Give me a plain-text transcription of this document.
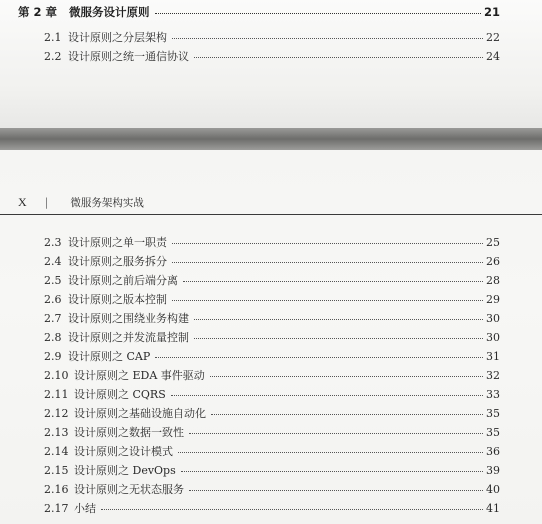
第 2 章 微服务设计原则	21
2.1 设计原则之分层架构	22
2.2 设计原则之统一通信协议	24
X | 微服务架构实战
2.3 设计原则之单一职责	25
2.4 设计原则之服务拆分	26
2.5 设计原则之前后端分离	28
2.6 设计原则之版本控制	29
2.7 设计原则之围绕业务构建	30
2.8 设计原则之并发流量控制	30
2.9 设计原则之 CAP	31
2.10 设计原则之 EDA 事件驱动	32
2.11 设计原则之 CQRS	33
2.12 设计原则之基础设施自动化	35
2.13 设计原则之数据一致性	35
2.14 设计原则之设计模式	36
2.15 设计原则之 DevOps	39
2.16 设计原则之无状态服务	40
2.17 小结	41
